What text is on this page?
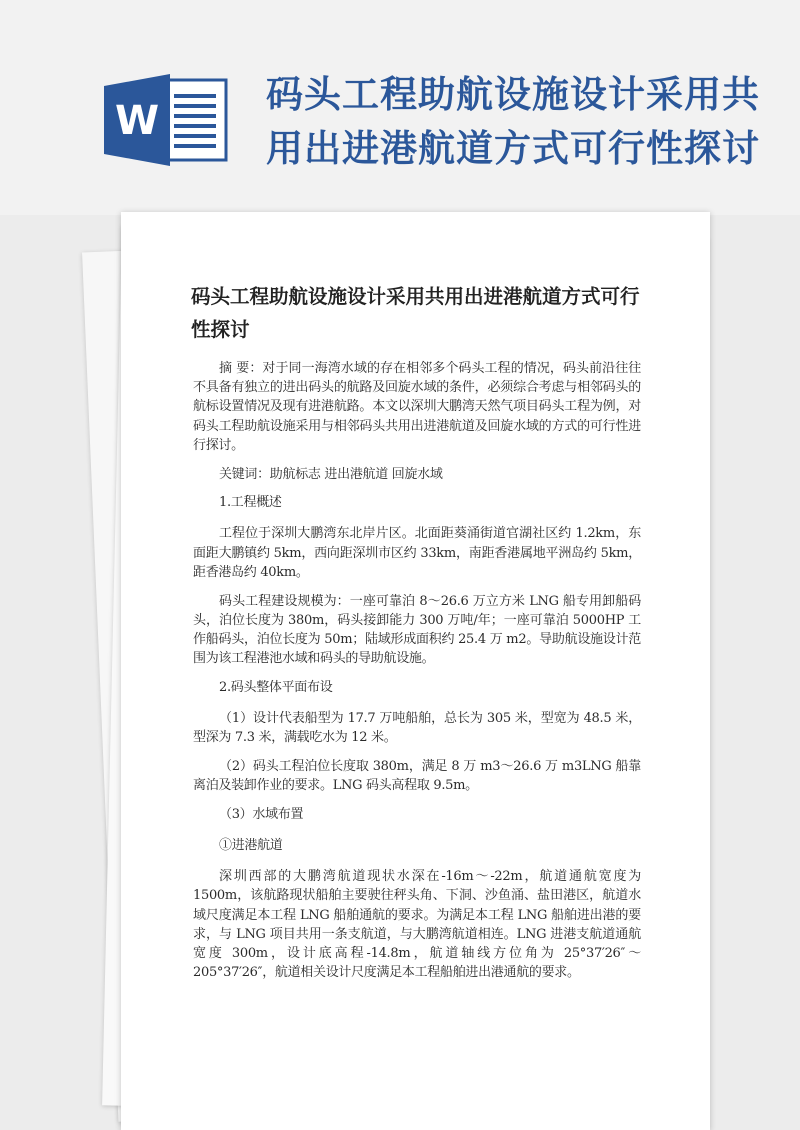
W
码头工程助航设施设计采用共用出进港航道方式可行性探讨
码头工程助航设施设计采用共用出进港航道方式可行性探讨

摘 要：对于同一海湾水域的存在相邻多个码头工程的情况，码头前沿往往不具备有独立的进出码头的航路及回旋水域的条件，必须综合考虑与相邻码头的航标设置情况及现有进港航路。本文以深圳大鹏湾天然气项目码头工程为例，对码头工程助航设施采用与相邻码头共用出进港航道及回旋水域的方式的可行性进行探讨。

关键词：助航标志 进出港航道 回旋水域

1.工程概述

工程位于深圳大鹏湾东北岸片区。北面距葵涌街道官湖社区约 1.2km，东面距大鹏镇约 5km，西向距深圳市区约 33km，南距香港属地平洲岛约 5km，距香港岛约 40km。

码头工程建设规模为：一座可靠泊 8～26.6 万立方米 LNG 船专用卸船码头，泊位长度为 380m，码头接卸能力 300 万吨/年；一座可靠泊 5000HP 工作船码头，泊位长度为 50m；陆域形成面积约 25.4 万 m2。导助航设施设计范围为该工程港池水域和码头的导助航设施。

2.码头整体平面布设

（1）设计代表船型为 17.7 万吨船舶，总长为 305 米，型宽为 48.5 米，型深为 7.3 米，满载吃水为 12 米。

（2）码头工程泊位长度取 380m，满足 8 万 m3～26.6 万 m3LNG 船靠离泊及装卸作业的要求。LNG 码头高程取 9.5m。

（3）水域布置

①进港航道

深圳西部的大鹏湾航道现状水深在-16m～-22m，航道通航宽度为 1500m，该航路现状船舶主要驶往秤头角、下洞、沙鱼涌、盐田港区，航道水域尺度满足本工程 LNG 船舶通航的要求。为满足本工程 LNG 船舶进出港的要求，与 LNG 项目共用一条支航道，与大鹏湾航道相连。LNG 进港支航道通航宽度 300m，设计底高程-14.8m，航道轴线方位角为 25°37′26″～205°37′26″，航道相关设计尺度满足本工程船舶进出港通航的要求。
